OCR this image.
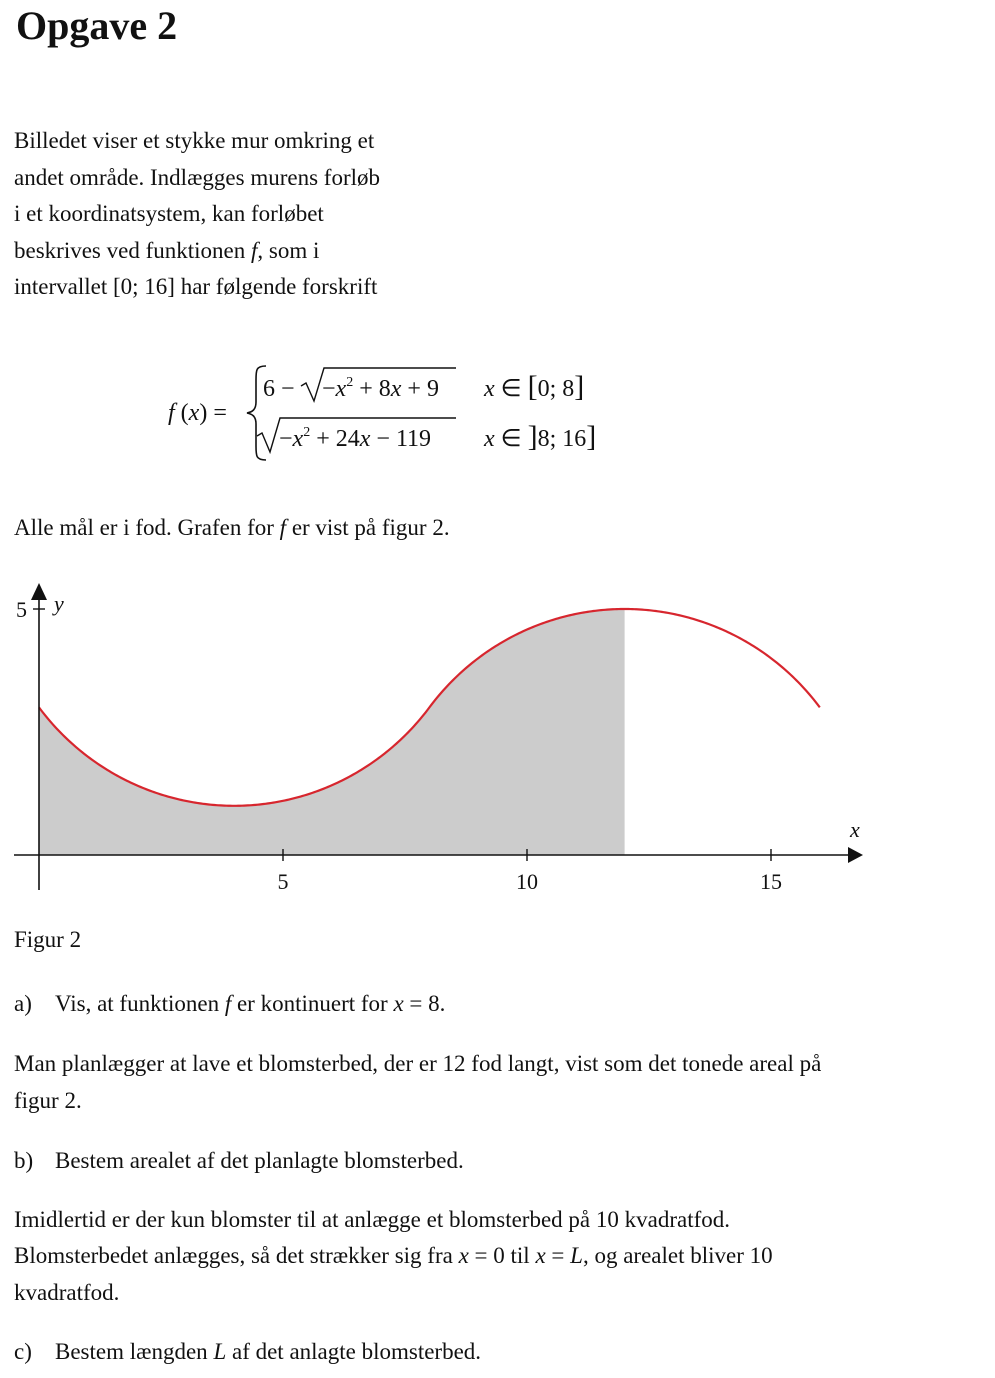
Opgave 2
Billedet viser et stykke mur omkring et
andet område. Indlægges murens forløb
i et koordinatsystem, kan forløbet
beskrives ved funktionen f, som i
intervallet [0; 16] har følgende forskrift
f (x) =
$6 - -x^2 + 8x + 9$ x ∈ [0; 8]
$-x^2 + 24x - 119$ x ∈ ]8; 16]
Alle mål er i fod. Grafen for f er vist på figur 2.
5	10	15
5
x
y
Figur 2
a) Vis, at funktionen f er kontinuert for x = 8.
Man planlægger at lave et blomsterbed, der er 12 fod langt, vist som det tonede areal på
figur 2.
b) Bestem arealet af det planlagte blomsterbed.
Imidlertid er der kun blomster til at anlægge et blomsterbed på 10 kvadratfod.
Blomsterbedet anlægges, så det strækker sig fra x = 0 til x = L, og arealet bliver 10
kvadratfod.
c) Bestem længden L af det anlagte blomsterbed.
